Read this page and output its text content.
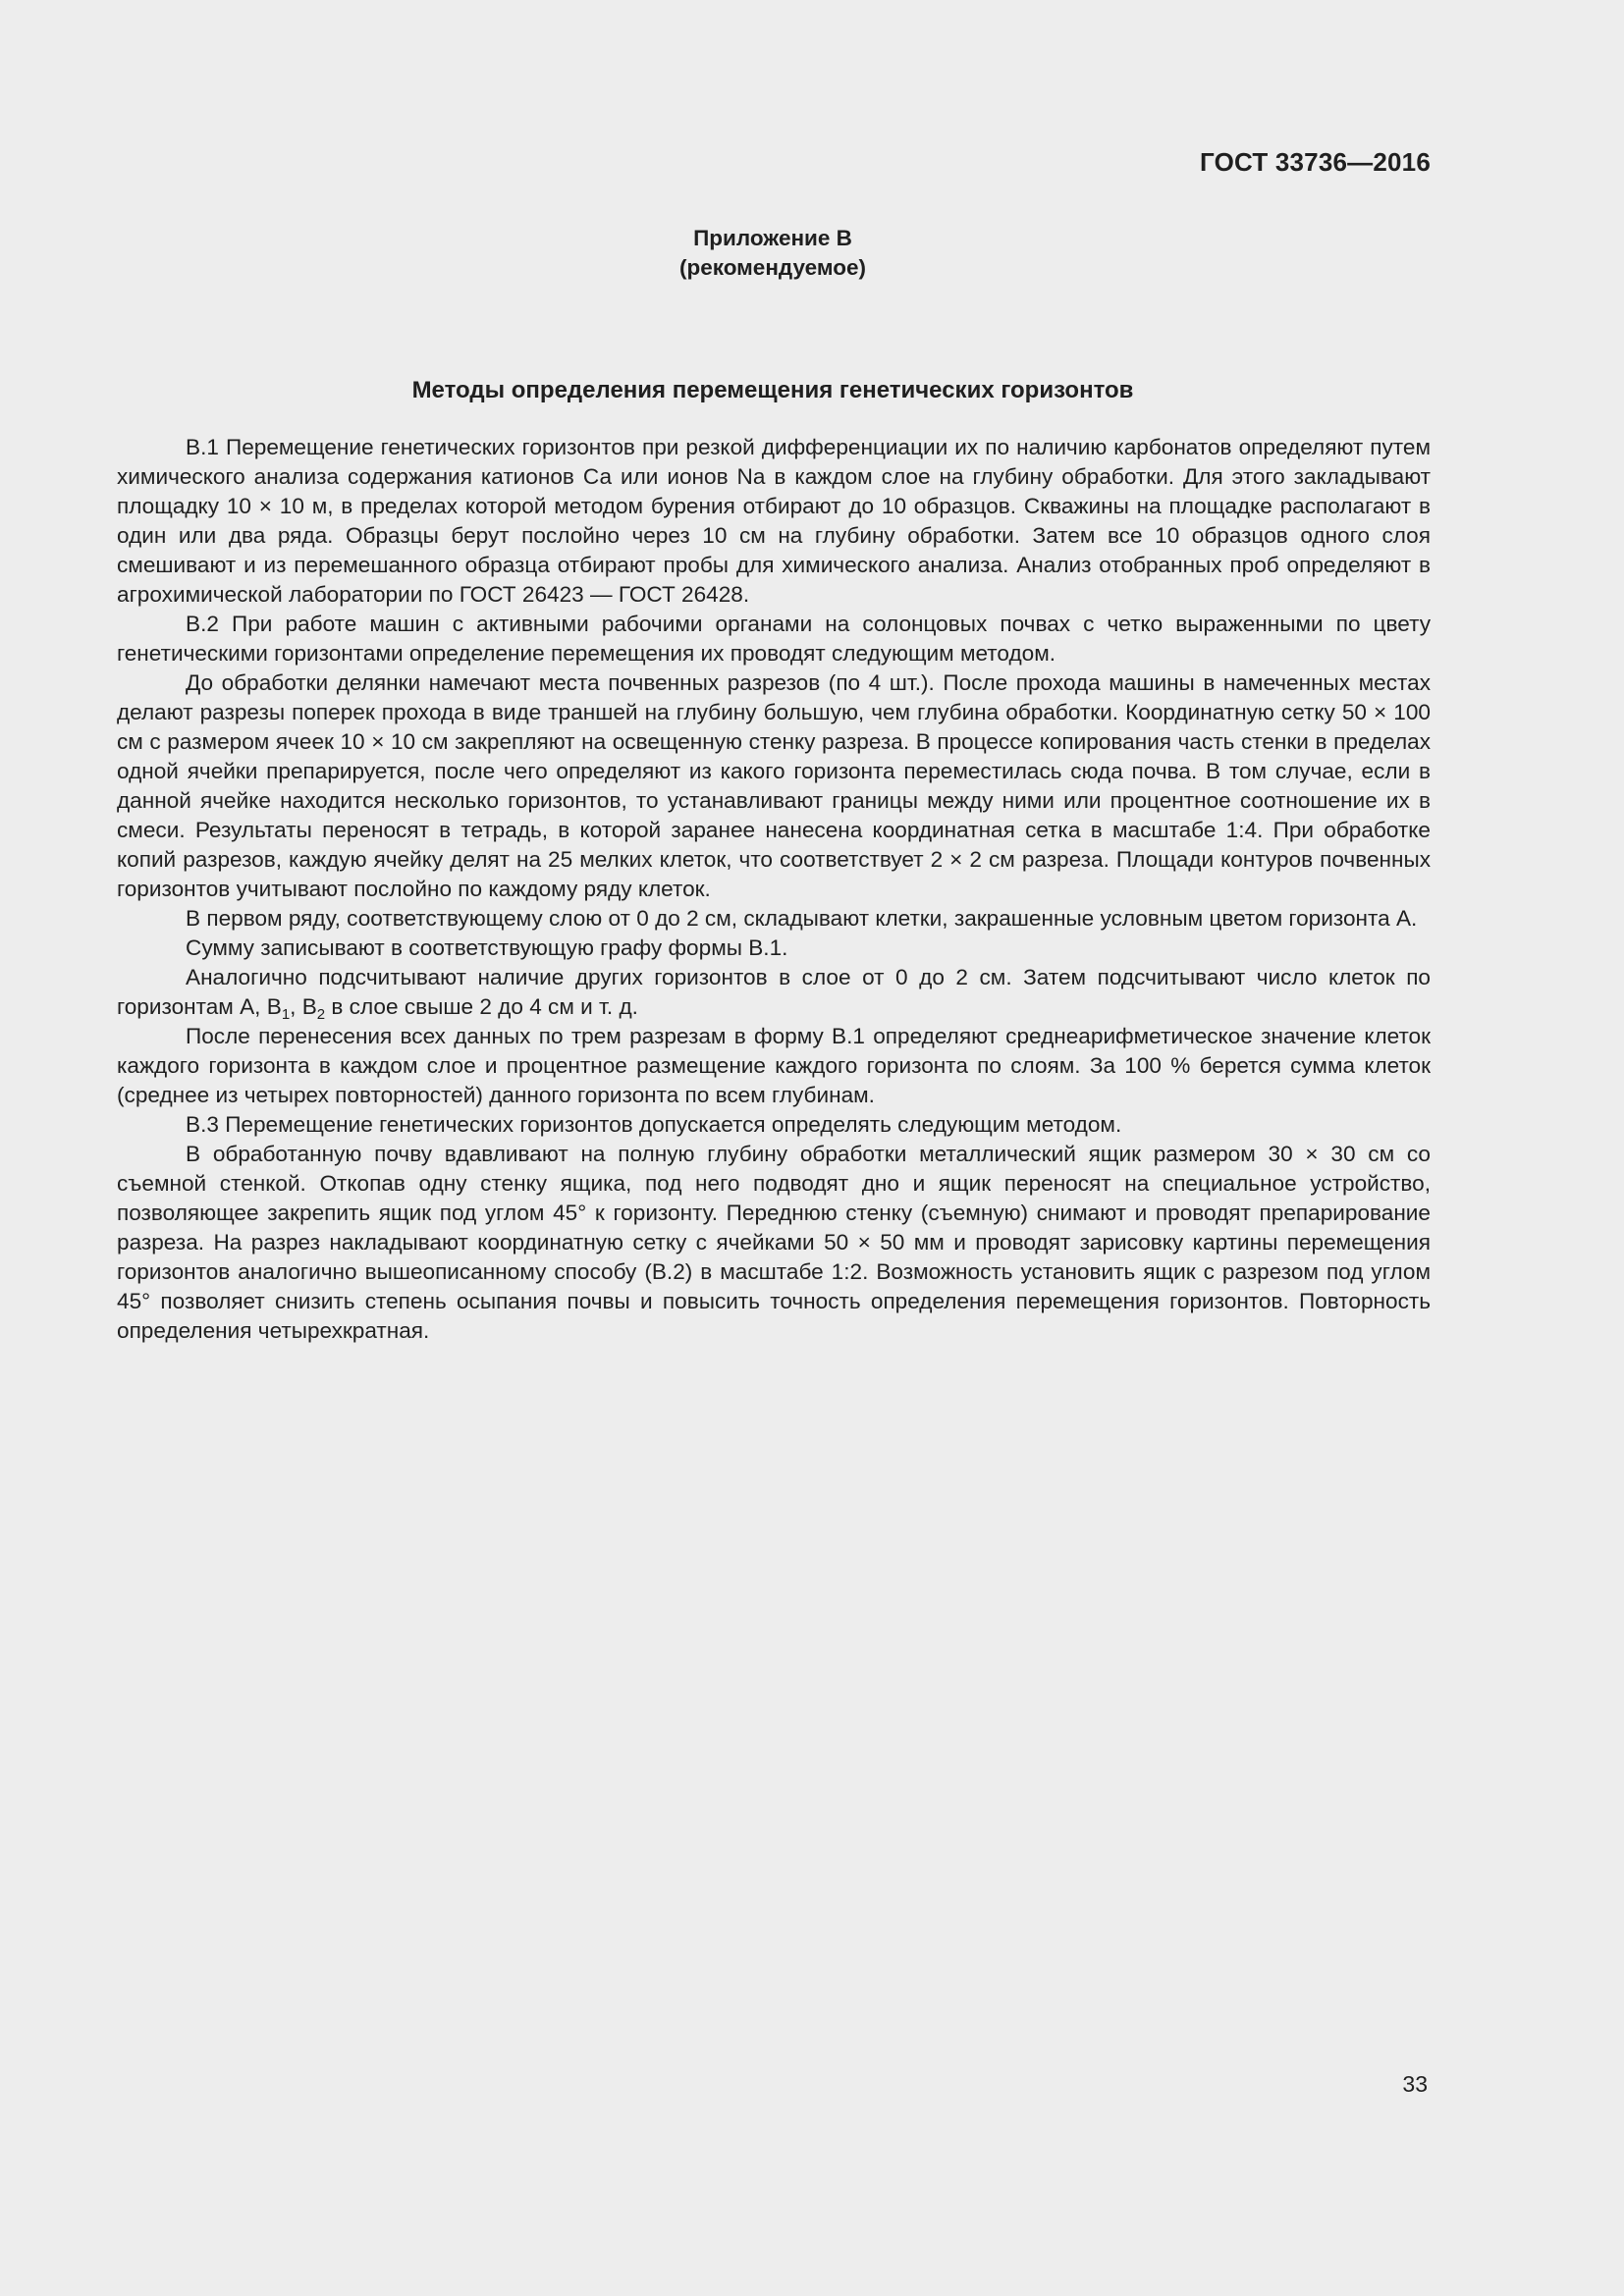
ГОСТ 33736—2016
Приложение В
(рекомендуемое)
Методы определения перемещения генетических горизонтов

В.1 Перемещение генетических горизонтов при резкой дифференциации их по наличию карбонатов определяют путем химического анализа содержания катионов Са или ионов Na в каждом слое на глубину обработки. Для этого закладывают площадку 10 × 10 м, в пределах которой методом бурения отбирают до 10 образцов. Скважины на площадке располагают в один или два ряда. Образцы берут послойно через 10 см на глубину обработки. Затем все 10 образцов одного слоя смешивают и из перемешанного образца отбирают пробы для химического анализа. Анализ отобранных проб определяют в агрохимической лаборатории по ГОСТ 26423 — ГОСТ 26428.

В.2 При работе машин с активными рабочими органами на солонцовых почвах с четко выраженными по цвету генетическими горизонтами определение перемещения их проводят следующим методом.

До обработки делянки намечают места почвенных разрезов (по 4 шт.). После прохода машины в намеченных местах делают разрезы поперек прохода в виде траншей на глубину большую, чем глубина обработки. Координатную сетку 50 × 100 см с размером ячеек 10 × 10 см закрепляют на освещенную стенку разреза. В процессе копирования часть стенки в пределах одной ячейки препарируется, после чего определяют из какого горизонта переместилась сюда почва. В том случае, если в данной ячейке находится несколько горизонтов, то устанавливают границы между ними или процентное соотношение их в смеси. Результаты переносят в тетрадь, в которой заранее нанесена координатная сетка в масштабе 1:4. При обработке копий разрезов, каждую ячейку делят на 25 мелких клеток, что соответствует 2 × 2 см разреза. Площади контуров почвенных горизонтов учитывают послойно по каждому ряду клеток.

В первом ряду, соответствующему слою от 0 до 2 см, складывают клетки, закрашенные условным цветом горизонта А.

Сумму записывают в соответствующую графу формы В.1.

Аналогично подсчитывают наличие других горизонтов в слое от 0 до 2 см. Затем подсчитывают число клеток по горизонтам А, $В_1$, $В_2$ в слое свыше 2 до 4 см и т. д.

После перенесения всех данных по трем разрезам в форму В.1 определяют среднеарифметическое значение клеток каждого горизонта в каждом слое и процентное размещение каждого горизонта по слоям. За 100 % берется сумма клеток (среднее из четырех повторностей) данного горизонта по всем глубинам.

В.3 Перемещение генетических горизонтов допускается определять следующим методом.

В обработанную почву вдавливают на полную глубину обработки металлический ящик размером 30 × 30 см со съемной стенкой. Откопав одну стенку ящика, под него подводят дно и ящик переносят на специальное устройство, позволяющее закрепить ящик под углом 45° к горизонту. Переднюю стенку (съемную) снимают и проводят препарирование разреза. На разрез накладывают координатную сетку с ячейками 50 × 50 мм и проводят зарисовку картины перемещения горизонтов аналогично вышеописанному способу (В.2) в масштабе 1:2. Возможность установить ящик с разрезом под углом 45° позволяет снизить степень осыпания почвы и повысить точность определения перемещения горизонтов. Повторность определения четырехкратная.

33
